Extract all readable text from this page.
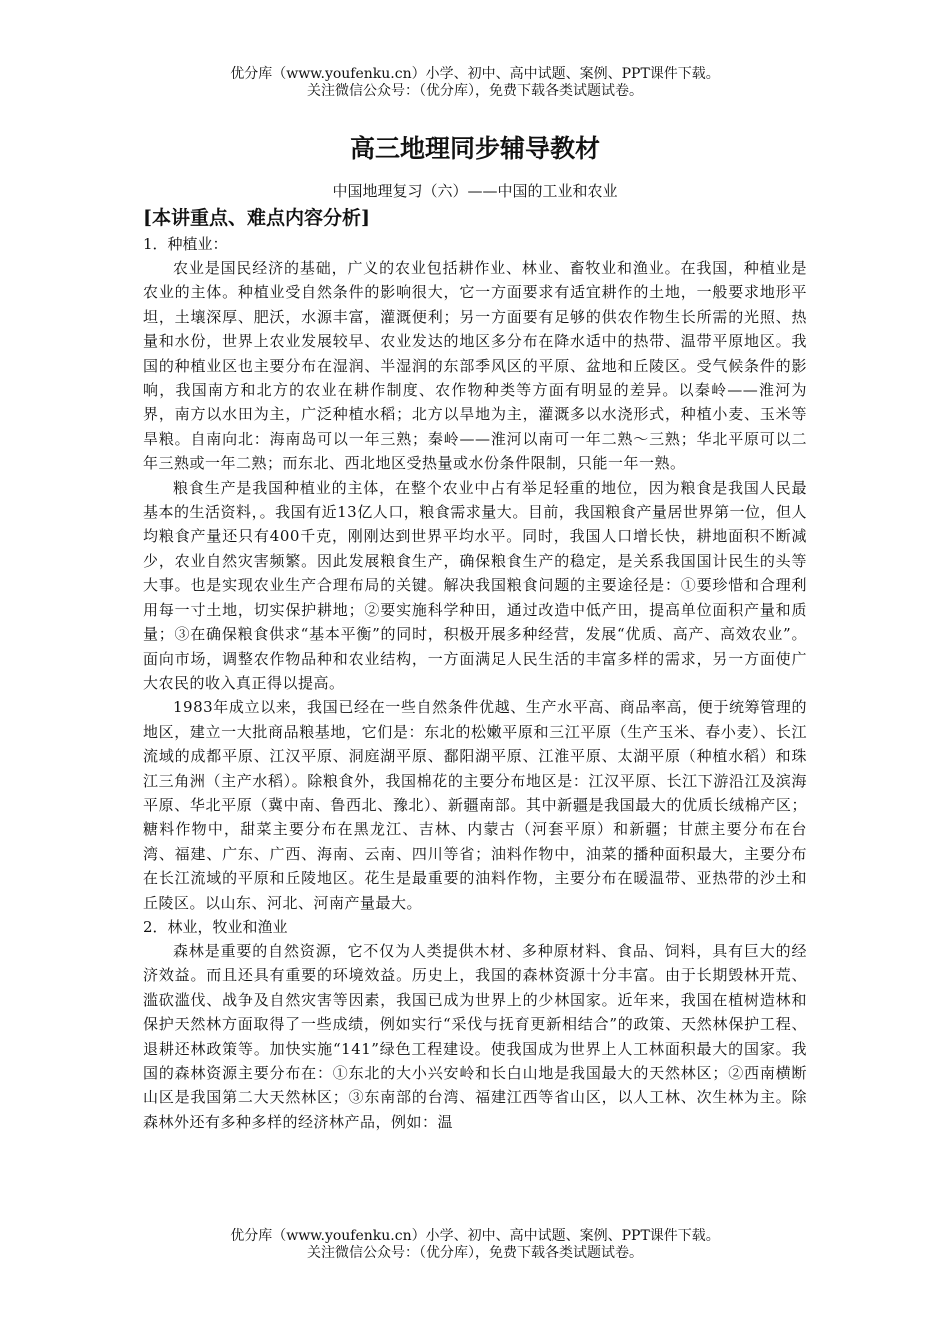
优分库（www.youfenku.cn）小学、初中、高中试题、案例、PPT课件下载。
关注微信公众号：（优分库），免费下载各类试题试卷。
高三地理同步辅导教材
中国地理复习（六）——中国的工业和农业

[本讲重点、难点内容分析]

1．种植业：

农业是国民经济的基础，广义的农业包括耕作业、林业、畜牧业和渔业。在我国，种植业是农业的主体。种植业受自然条件的影响很大，它一方面要求有适宜耕作的土地，一般要求地形平坦，土壤深厚、肥沃，水源丰富，灌溉便利；另一方面要有足够的供农作物生长所需的光照、热量和水份，世界上农业发展较早、农业发达的地区多分布在降水适中的热带、温带平原地区。我国的种植业区也主要分布在湿润、半湿润的东部季风区的平原、盆地和丘陵区。受气候条件的影响，我国南方和北方的农业在耕作制度、农作物种类等方面有明显的差异。以秦岭——淮河为界，南方以水田为主，广泛种植水稻；北方以旱地为主，灌溉多以水浇形式，种植小麦、玉米等旱粮。自南向北：海南岛可以一年三熟；秦岭——淮河以南可一年二熟～三熟；华北平原可以二年三熟或一年二熟；而东北、西北地区受热量或水份条件限制，只能一年一熟。

粮食生产是我国种植业的主体，在整个农业中占有举足轻重的地位，因为粮食是我国人民最基本的生活资料，。我国有近13亿人口，粮食需求量大。目前，我国粮食产量居世界第一位，但人均粮食产量还只有400千克，刚刚达到世界平均水平。同时，我国人口增长快，耕地面积不断减少，农业自然灾害频繁。因此发展粮食生产，确保粮食生产的稳定，是关系我国国计民生的头等大事。也是实现农业生产合理布局的关键。解决我国粮食问题的主要途径是：①要珍惜和合理利用每一寸土地，切实保护耕地；②要实施科学种田，通过改造中低产田，提高单位面积产量和质量；③在确保粮食供求“基本平衡”的同时，积极开展多种经营，发展“优质、高产、高效农业”。面向市场，调整农作物品种和农业结构，一方面满足人民生活的丰富多样的需求，另一方面使广大农民的收入真正得以提高。

1983年成立以来，我国已经在一些自然条件优越、生产水平高、商品率高，便于统筹管理的地区，建立一大批商品粮基地，它们是：东北的松嫩平原和三江平原（生产玉米、春小麦）、长江流域的成都平原、江汉平原、洞庭湖平原、鄱阳湖平原、江淮平原、太湖平原（种植水稻）和珠江三角洲（主产水稻）。除粮食外，我国棉花的主要分布地区是：江汉平原、长江下游沿江及滨海平原、华北平原（冀中南、鲁西北、豫北）、新疆南部。其中新疆是我国最大的优质长绒棉产区；糖料作物中，甜菜主要分布在黑龙江、吉林、内蒙古（河套平原）和新疆；甘蔗主要分布在台湾、福建、广东、广西、海南、云南、四川等省；油料作物中，油菜的播种面积最大，主要分布在长江流域的平原和丘陵地区。花生是最重要的油料作物，主要分布在暖温带、亚热带的沙土和丘陵区。以山东、河北、河南产量最大。

2．林业，牧业和渔业

森林是重要的自然资源，它不仅为人类提供木材、多种原材料、食品、饲料，具有巨大的经济效益。而且还具有重要的环境效益。历史上，我国的森林资源十分丰富。由于长期毁林开荒、滥砍滥伐、战争及自然灾害等因素，我国已成为世界上的少林国家。近年来，我国在植树造林和保护天然林方面取得了一些成绩，例如实行“采伐与抚育更新相结合”的政策、天然林保护工程、退耕还林政策等。加快实施“141”绿色工程建设。使我国成为世界上人工林面积最大的国家。我国的森林资源主要分布在：①东北的大小兴安岭和长白山地是我国最大的天然林区；②西南横断山区是我国第二大天然林区；③东南部的台湾、福建江西等省山区，以人工林、次生林为主。除森林外还有多种多样的经济林产品，例如：温

优分库（www.youfenku.cn）小学、初中、高中试题、案例、PPT课件下载。
关注微信公众号：（优分库），免费下载各类试题试卷。
